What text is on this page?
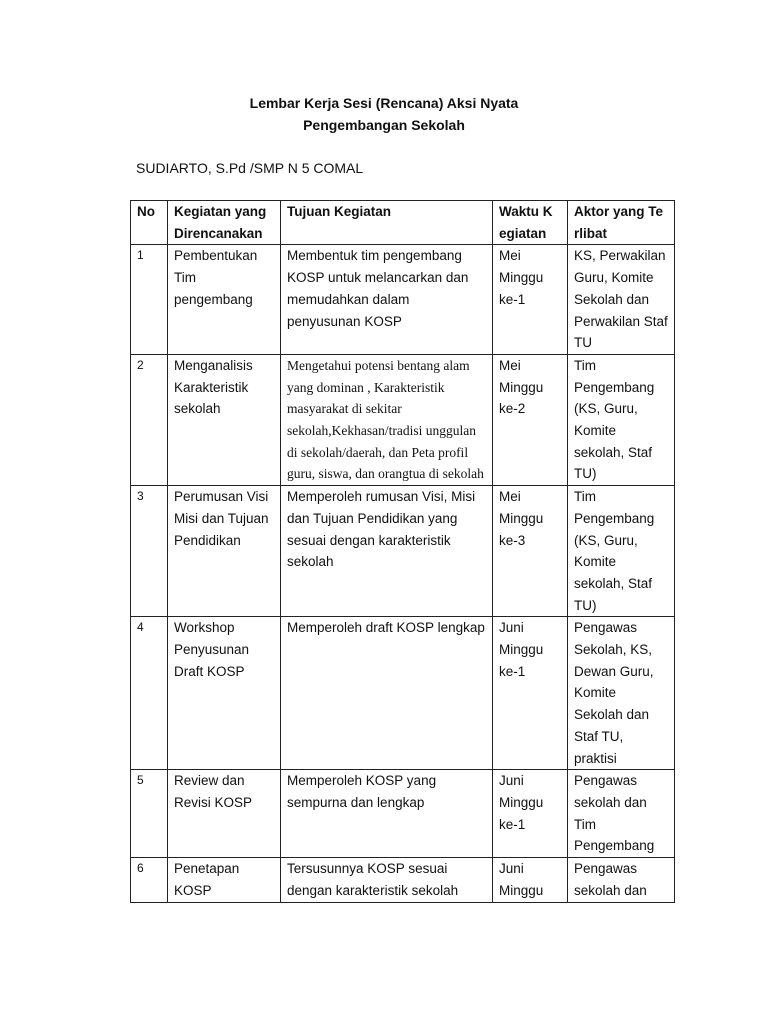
Lembar Kerja Sesi (Rencana) Aksi Nyata
Pengembangan Sekolah
SUDIARTO, S.Pd /SMP N 5 COMAL
No	Kegiatan yang Direncanakan	Tujuan Kegiatan	Waktu K egiatan	Aktor yang Te rlibat
1	Pembentukan Tim pengembang	Membentuk tim pengembang KOSP untuk melancarkan dan memudahkan dalam penyusunan KOSP	Mei Minggu ke-1	KS, Perwakilan Guru, Komite Sekolah dan Perwakilan Staf TU
2	Menganalisis Karakteristik sekolah	Mengetahui potensi bentang alam yang dominan , Karakteristik masyarakat di sekitar sekolah,Kekhasan/tradisi unggulan di sekolah/daerah, dan Peta profil guru, siswa, dan orangtua di sekolah	Mei Minggu ke-2	Tim Pengembang (KS, Guru, Komite sekolah, Staf TU)
3	Perumusan Visi Misi dan Tujuan Pendidikan	Memperoleh rumusan Visi, Misi dan Tujuan Pendidikan yang sesuai dengan karakteristik sekolah	Mei Minggu ke-3	Tim Pengembang (KS, Guru, Komite sekolah, Staf TU)
4	Workshop Penyusunan Draft KOSP	Memperoleh draft KOSP lengkap	Juni Minggu ke-1	Pengawas Sekolah, KS, Dewan Guru, Komite Sekolah dan Staf TU, praktisi
5	Review dan Revisi KOSP	Memperoleh KOSP yang sempurna dan lengkap	Juni Minggu ke-1	Pengawas sekolah dan Tim Pengembang
6	Penetapan KOSP	Tersusunnya KOSP sesuai dengan karakteristik sekolah	Juni Minggu	Pengawas sekolah dan
